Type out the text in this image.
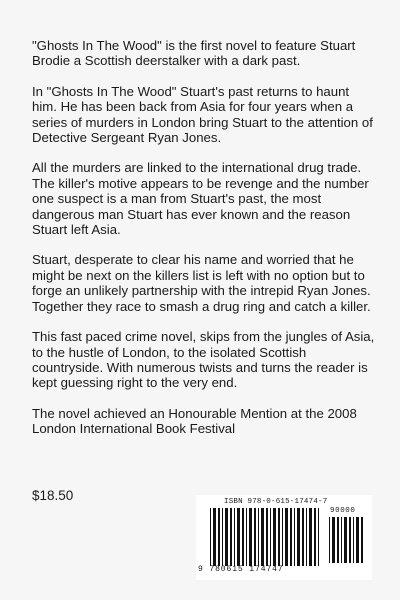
"Ghosts In The Wood" is the first novel to feature Stuart Brodie a Scottish deerstalker with a dark past.

In "Ghosts In The Wood" Stuart's past returns to haunt him. He has been back from Asia for four years when a series of murders in London bring Stuart to the attention of Detective Sergeant Ryan Jones.

All the murders are linked to the international drug trade. The killer's motive appears to be revenge and the number one suspect is a man from Stuart's past, the most dangerous man Stuart has ever known and the reason Stuart left Asia.

Stuart, desperate to clear his name and worried that he might be next on the killers list is left with no option but to forge an unlikely partnership with the intrepid Ryan Jones. Together they race to smash a drug ring and catch a killer.

This fast paced crime novel, skips from the jungles of Asia, to the hustle of London, to the isolated Scottish countryside. With numerous twists and turns the reader is kept guessing right to the very end.

The novel achieved an Honourable Mention at the 2008 London International Book Festival

$18.50	ISBN 978-0-615-17474-7
90000
9 780615 174747
